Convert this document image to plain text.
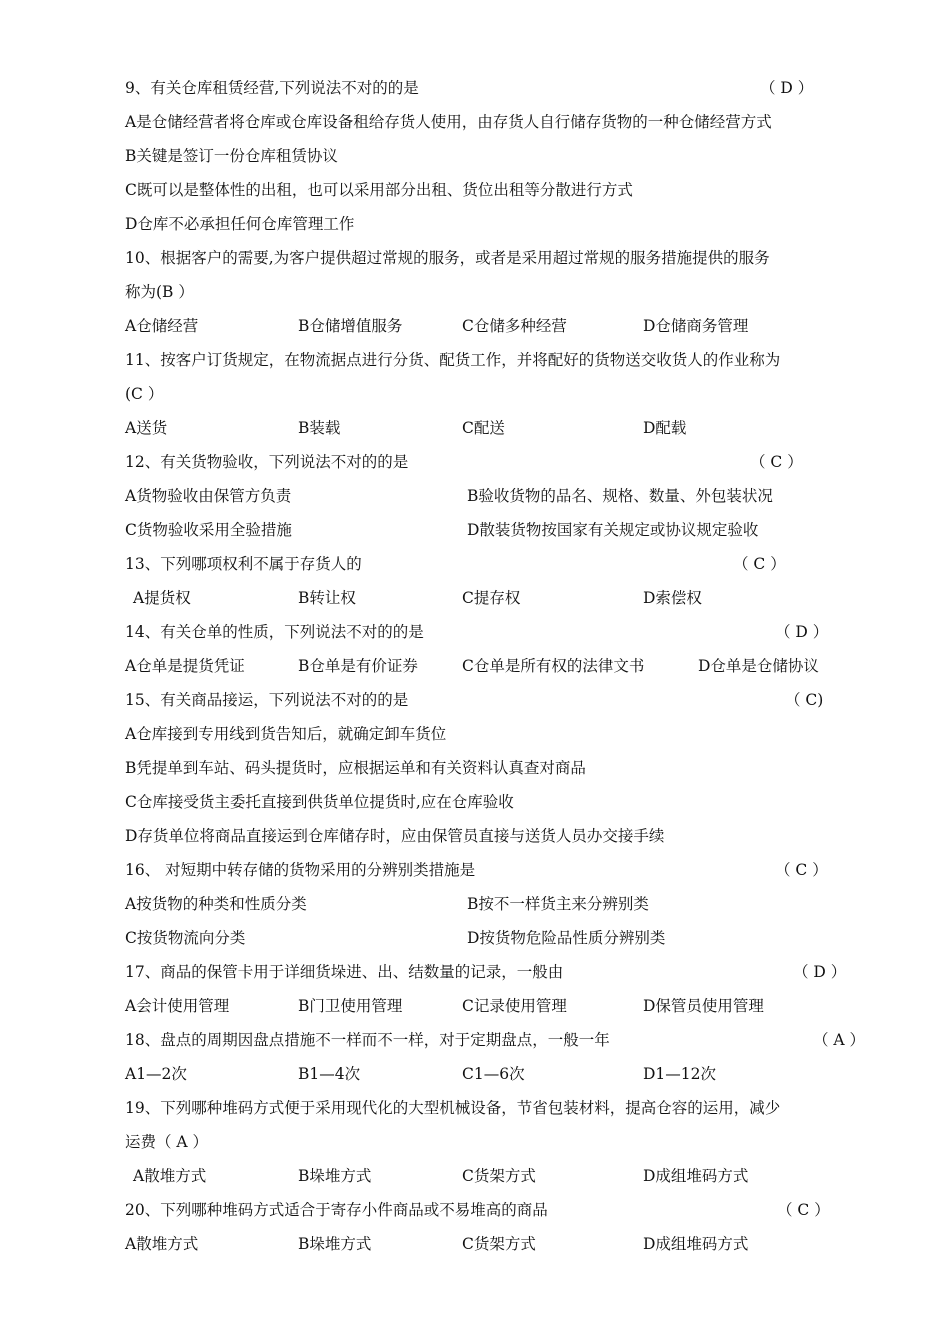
9、有关仓库租赁经营,下列说法不对的的是	（ D ）
A是仓储经营者将仓库或仓库设备租给存货人使用，由存货人自行储存货物的一种仓储经营方式
B关键是签订一份仓库租赁协议
C既可以是整体性的出租，也可以采用部分出租、货位出租等分散进行方式
D仓库不必承担任何仓库管理工作
10、根据客户的需要,为客户提供超过常规的服务，或者是采用超过常规的服务措施提供的服务
称为(B ）
A仓储经营	B仓储增值服务	C仓储多种经营	D仓储商务管理
11、按客户订货规定，在物流据点进行分货、配货工作，并将配好的货物送交收货人的作业称为
(C ）
A送货	B装载	C配送	D配载
12、有关货物验收，下列说法不对的的是	（ C ）
A货物验收由保管方负责	B验收货物的品名、规格、数量、外包装状况
C货物验收采用全验措施	D散装货物按国家有关规定或协议规定验收
13、下列哪项权利不属于存货人的	（ C ）
A提货权	B转让权	C提存权	D索偿权
14、有关仓单的性质，下列说法不对的的是	（ D ）
A仓单是提货凭证	B仓单是有价证券	C仓单是所有权的法律文书	D仓单是仓储协议
15、有关商品接运，下列说法不对的的是	（ C)
A仓库接到专用线到货告知后，就确定卸车货位
B凭提单到车站、码头提货时，应根据运单和有关资料认真查对商品
C仓库接受货主委托直接到供货单位提货时,应在仓库验收
D存货单位将商品直接运到仓库储存时，应由保管员直接与送货人员办交接手续
16、 对短期中转存储的货物采用的分辨别类措施是	（ C ）
A按货物的种类和性质分类	B按不一样货主来分辨别类
C按货物流向分类	D按货物危险品性质分辨别类
17、商品的保管卡用于详细货垛进、出、结数量的记录，一般由	（ D ）
A会计使用管理	B门卫使用管理	C记录使用管理	D保管员使用管理
18、盘点的周期因盘点措施不一样而不一样，对于定期盘点，一般一年	（ A ）
A1—2次	B1—4次	C1—6次	D1—12次
19、下列哪种堆码方式便于采用现代化的大型机械设备，节省包装材料，提高仓容的运用，减少
运费（ A ）
A散堆方式	B垛堆方式	C货架方式	D成组堆码方式
20、下列哪种堆码方式适合于寄存小件商品或不易堆高的商品	（ C ）
A散堆方式	B垛堆方式	C货架方式	D成组堆码方式
